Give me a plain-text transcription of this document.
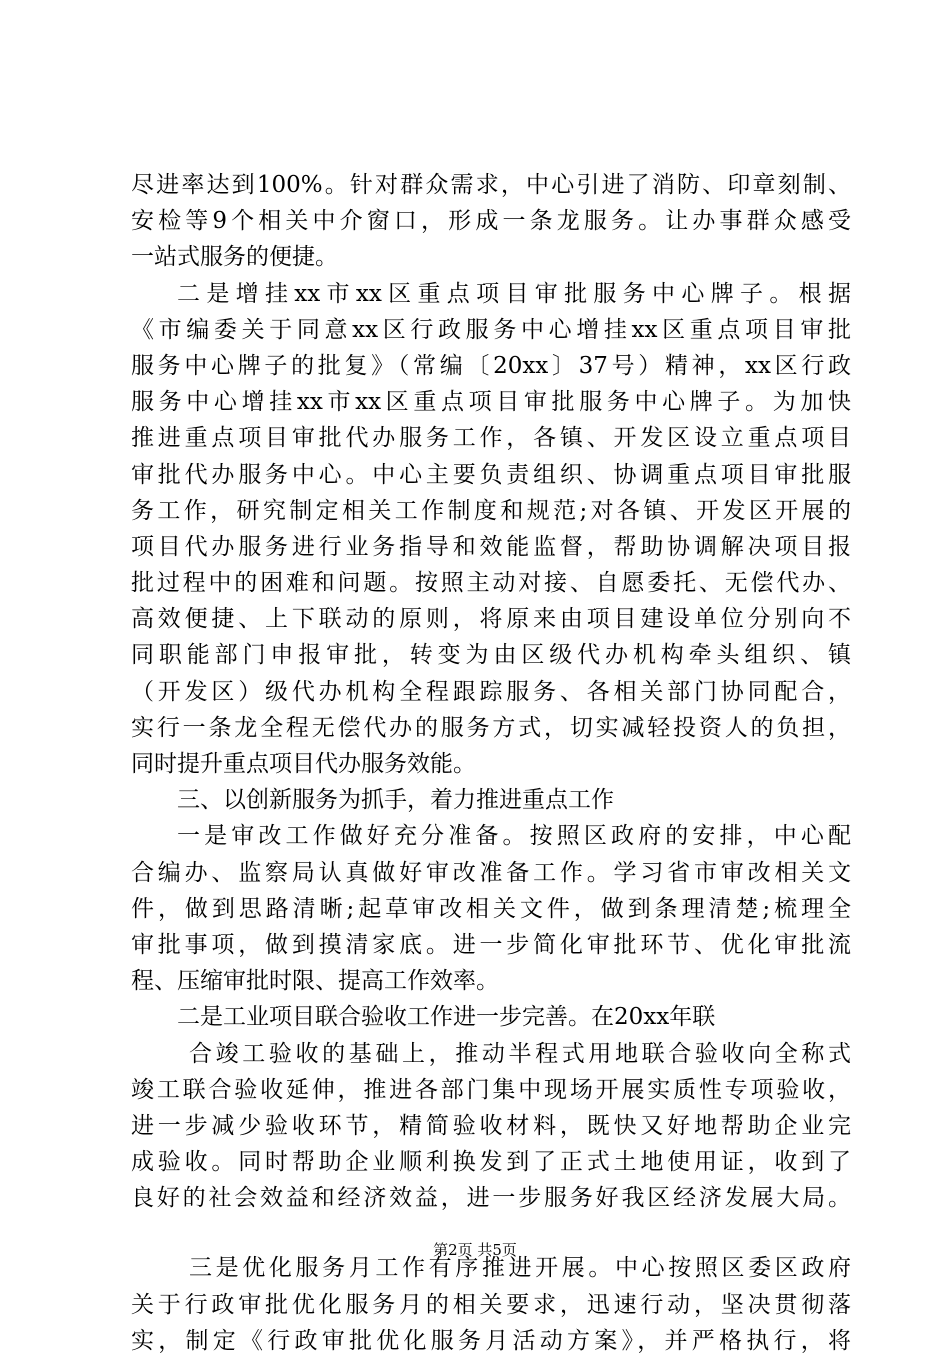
尽进率达到100%。针对群众需求，中心引进了消防、印章刻制、
安检等9个相关中介窗口，形成一条龙服务。让办事群众感受
一站式服务的便捷。
二是增挂xx市xx区重点项目审批服务中心牌子。根据
《市编委关于同意xx区行政服务中心增挂xx区重点项目审批
服务中心牌子的批复》（常编〔20xx〕37号）精神，xx区行政
服务中心增挂xx市xx区重点项目审批服务中心牌子。为加快
推进重点项目审批代办服务工作，各镇、开发区设立重点项目
审批代办服务中心。中心主要负责组织、协调重点项目审批服
务工作，研究制定相关工作制度和规范;对各镇、开发区开展的
项目代办服务进行业务指导和效能监督，帮助协调解决项目报
批过程中的困难和问题。按照主动对接、自愿委托、无偿代办、
高效便捷、上下联动的原则，将原来由项目建设单位分别向不
同职能部门申报审批，转变为由区级代办机构牵头组织、镇
（开发区）级代办机构全程跟踪服务、各相关部门协同配合，
实行一条龙全程无偿代办的服务方式，切实减轻投资人的负担，
同时提升重点项目代办服务效能。
三、以创新服务为抓手，着力推进重点工作
一是审改工作做好充分准备。按照区政府的安排，中心配
合编办、监察局认真做好审改准备工作。学习省市审改相关文
件，做到思路清晰;起草审改相关文件，做到条理清楚;梳理全
审批事项，做到摸清家底。进一步简化审批环节、优化审批流
程、压缩审批时限、提高工作效率。
二是工业项目联合验收工作进一步完善。在20xx年联
合竣工验收的基础上，推动半程式用地联合验收向全称式
竣工联合验收延伸，推进各部门集中现场开展实质性专项验收，
进一步减少验收环节，精简验收材料，既快又好地帮助企业完
成验收。同时帮助企业顺利换发到了正式土地使用证，收到了
良好的社会效益和经济效益，进一步服务好我区经济发展大局。
三是优化服务月工作有序推进开展。中心按照区委区政府
关于行政审批优化服务月的相关要求，迅速行动，坚决贯彻落
实，制定《行政审批优化服务月活动方案》，并严格执行，将
第2页 共5页
